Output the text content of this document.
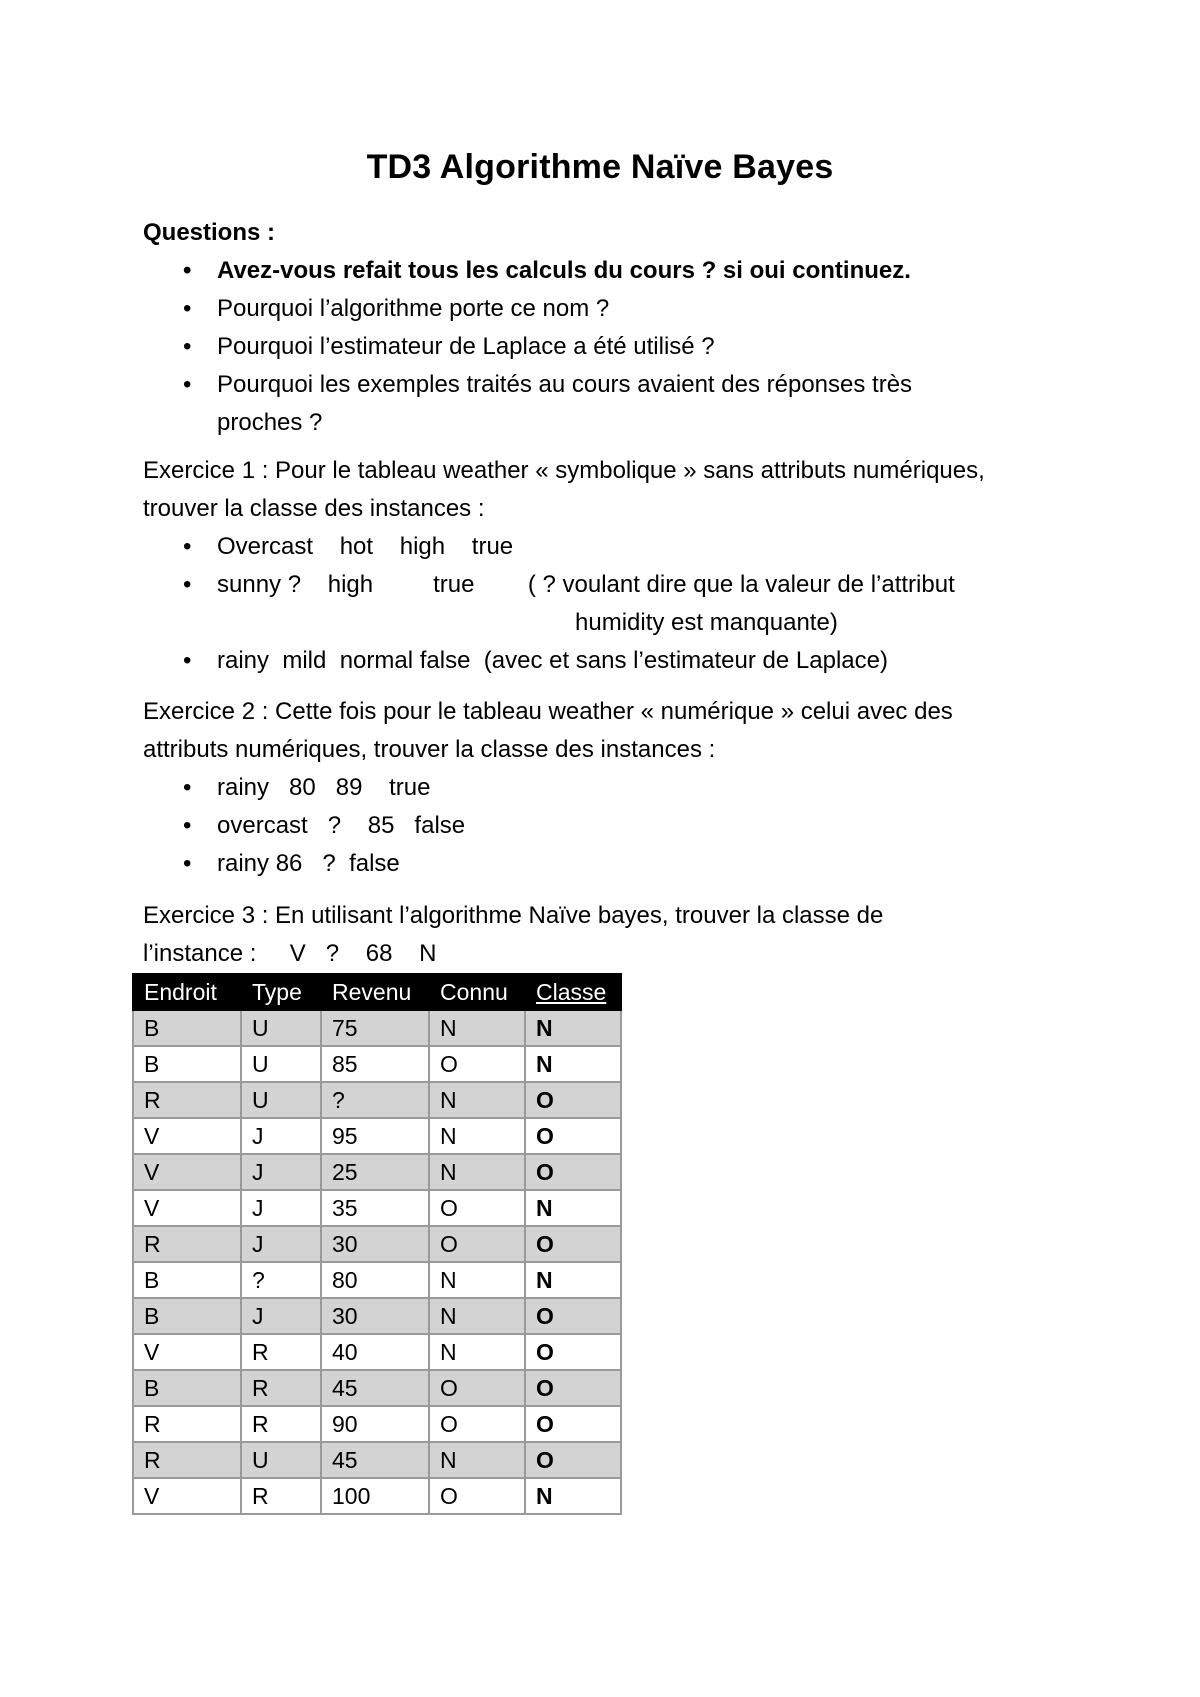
TD3 Algorithme Naïve Bayes
Questions :
• Avez-vous refait tous les calculs du cours ? si oui continuez.
• Pourquoi l’algorithme porte ce nom ?
• Pourquoi l’estimateur de Laplace a été utilisé ?
• Pourquoi les exemples traités au cours avaient des réponses très proches ?
Exercice 1 : Pour le tableau weather « symbolique » sans attributs numériques,
trouver la classe des instances :
• Overcast    hot    high    true
• sunny ?    high         true        ( ? voulant dire que la valeur de l’attribut
humidity est manquante)
• rainy  mild  normal false  (avec et sans l’estimateur de Laplace)
Exercice 2 : Cette fois pour le tableau weather « numérique » celui avec des
attributs numériques, trouver la classe des instances :
• rainy   80   89    true
• overcast   ?    85   false
• rainy 86   ?  false
Exercice 3 : En utilisant l’algorithme Naïve bayes, trouver la classe de
l’instance :     V   ?    68    N
Endroit	Type	Revenu	Connu	Classe
B	U	75	N	N
B	U	85	O	N
R	U	?	N	O
V	J	95	N	O
V	J	25	N	O
V	J	35	O	N
R	J	30	O	O
B	?	80	N	N
B	J	30	N	O
V	R	40	N	O
B	R	45	O	O
R	R	90	O	O
R	U	45	N	O
V	R	100	O	N
